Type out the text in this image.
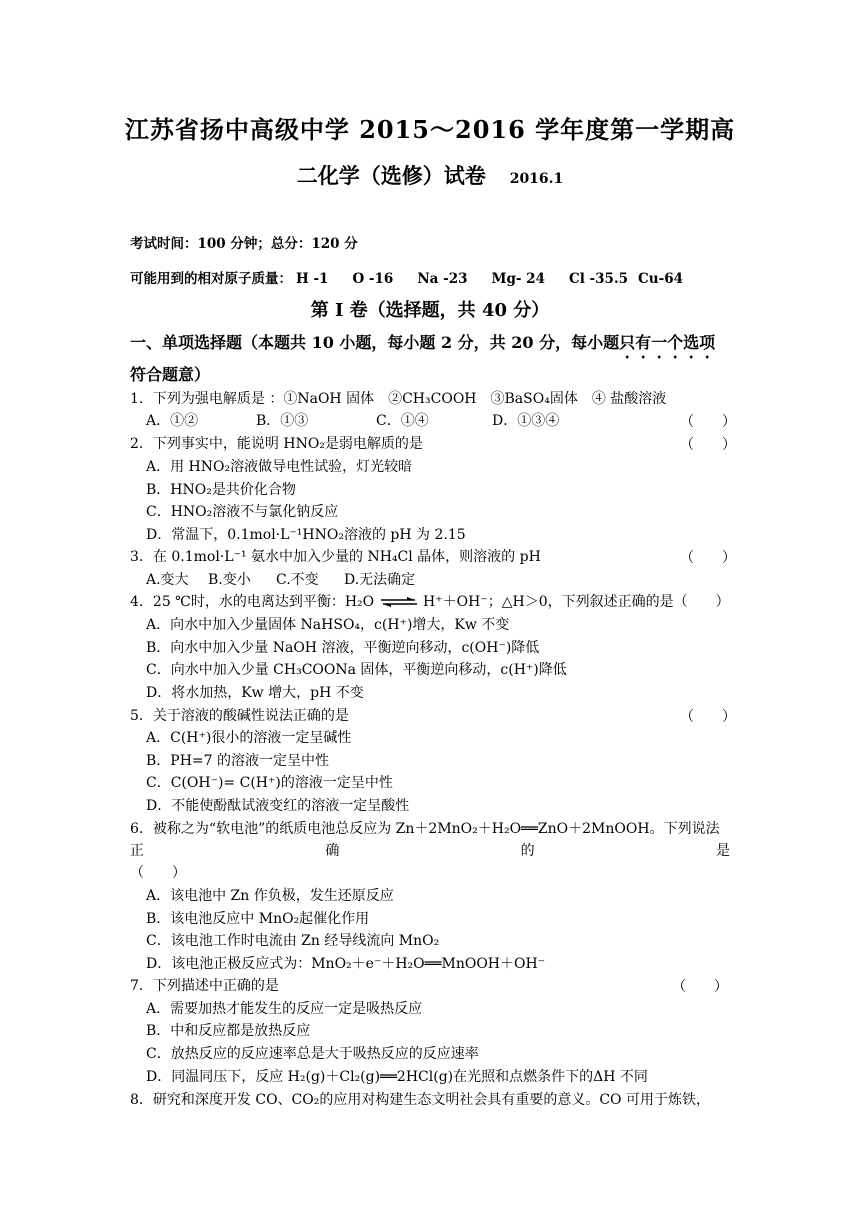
江苏省扬中高级中学 2015～2016 学年度第一学期高
二化学（选修）试卷 2016.1
考试时间：100 分钟；总分：120 分
可能用到的相对原子质量： H -1 O -16 Na -23 Mg- 24 Cl -35.5 Cu-64
第 I 卷（选择题，共 40 分）
一、单项选择题（本题共 10 小题，每小题 2 分，共 20 分，每小题只有一个选项符合题意）
1．下列为强电解质是 ：①NaOH 固体　②CH₃COOH　③BaSO₄固体　④ 盐酸溶液
A．①②	B．①③	C．①④	D．①③④	（　　）
2．下列事实中，能说明 HNO₂是弱电解质的是	（　　）
A．用 HNO₂溶液做导电性试验，灯光较暗
B．HNO₂是共价化合物
C．HNO₂溶液不与氯化钠反应
D．常温下，0.1mol·L⁻¹HNO₂溶液的 pH 为 2.15
3．在 0.1mol·L⁻¹ 氨水中加入少量的 NH₄Cl 晶体，则溶液的 pH	（　　）
A.变大 B.变小 C.不变 D.无法确定
4．25 ℃时，水的电离达到平衡：H₂O ⇌ H⁺＋OH⁻；△H＞0，下列叙述正确的是（　　）
A．向水中加入少量固体 NaHSO₄，c(H⁺)增大，Kw 不变
B．向水中加入少量 NaOH 溶液，平衡逆向移动，c(OH⁻)降低
C．向水中加入少量 CH₃COONa 固体，平衡逆向移动，c(H⁺)降低
D．将水加热，Kw 增大，pH 不变
5．关于溶液的酸碱性说法正确的是	（　　）
A．C(H⁺)很小的溶液一定呈碱性
B．PH=7 的溶液一定呈中性
C．C(OH⁻)= C(H⁺)的溶液一定呈中性
D．不能使酚酞试液变红的溶液一定呈酸性
6．被称之为“软电池”的纸质电池总反应为 Zn＋2MnO₂＋H₂O══ZnO＋2MnOOH。下列说法
正	确	的	是
（　　）
A．该电池中 Zn 作负极，发生还原反应
B．该电池反应中 MnO₂起催化作用
C．该电池工作时电流由 Zn 经导线流向 MnO₂
D．该电池正极反应式为：MnO₂＋e⁻＋H₂O══MnOOH＋OH⁻
7．下列描述中正确的是	（　　）
A．需要加热才能发生的反应一定是吸热反应
B．中和反应都是放热反应
C．放热反应的反应速率总是大于吸热反应的反应速率
D．同温同压下，反应 H₂(g)＋Cl₂(g)══2HCl(g)在光照和点燃条件下的ΔH 不同
8．研究和深度开发 CO、CO₂的应用对构建生态文明社会具有重要的意义。CO 可用于炼铁，
